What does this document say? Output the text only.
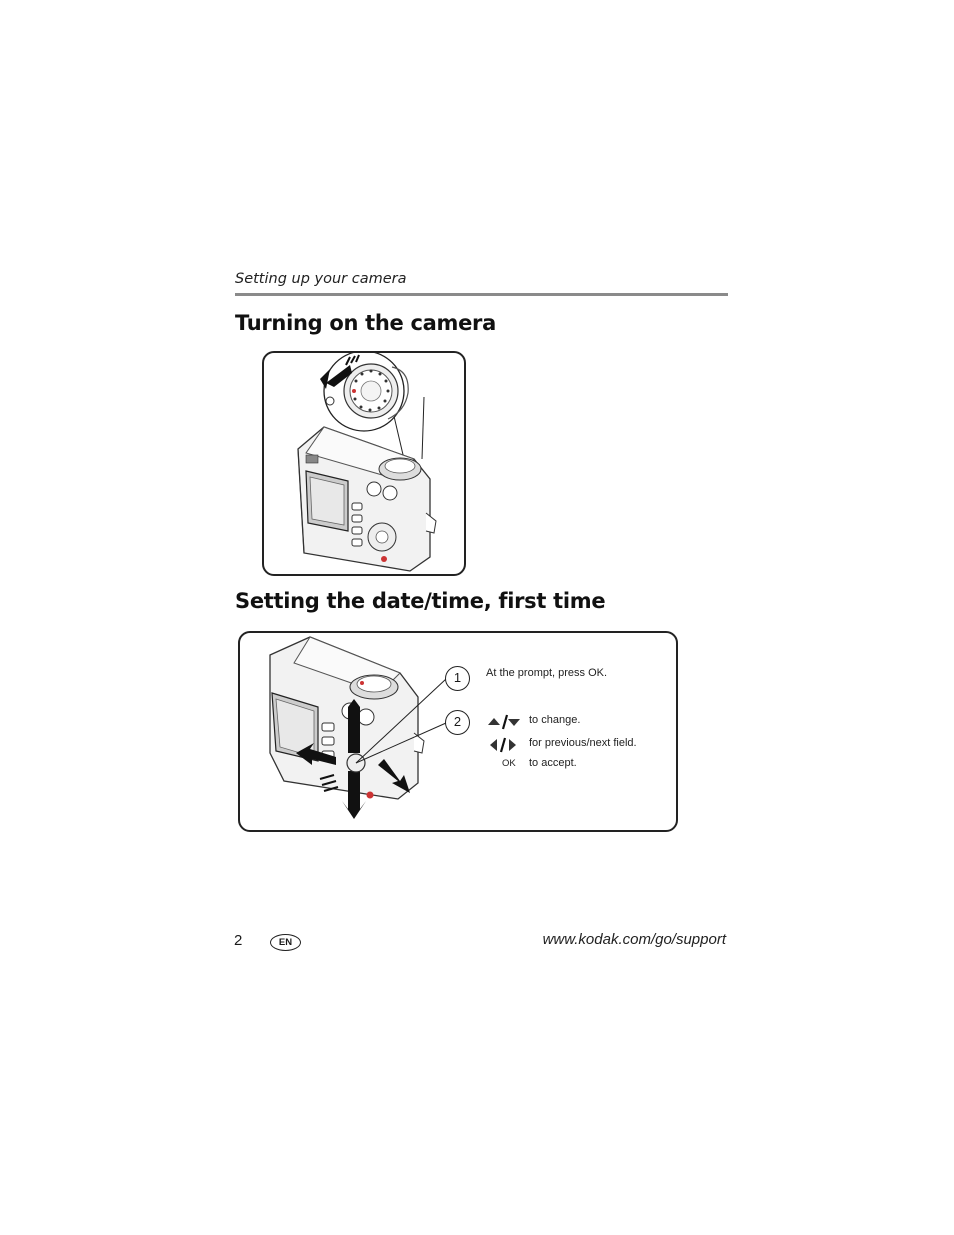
Setting up your camera
Turning on the camera
Setting the date/time, first time
1	At the prompt, press OK.
2	to change.
for previous/next field.
OK to accept.
2	EN	www.kodak.com/go/support
